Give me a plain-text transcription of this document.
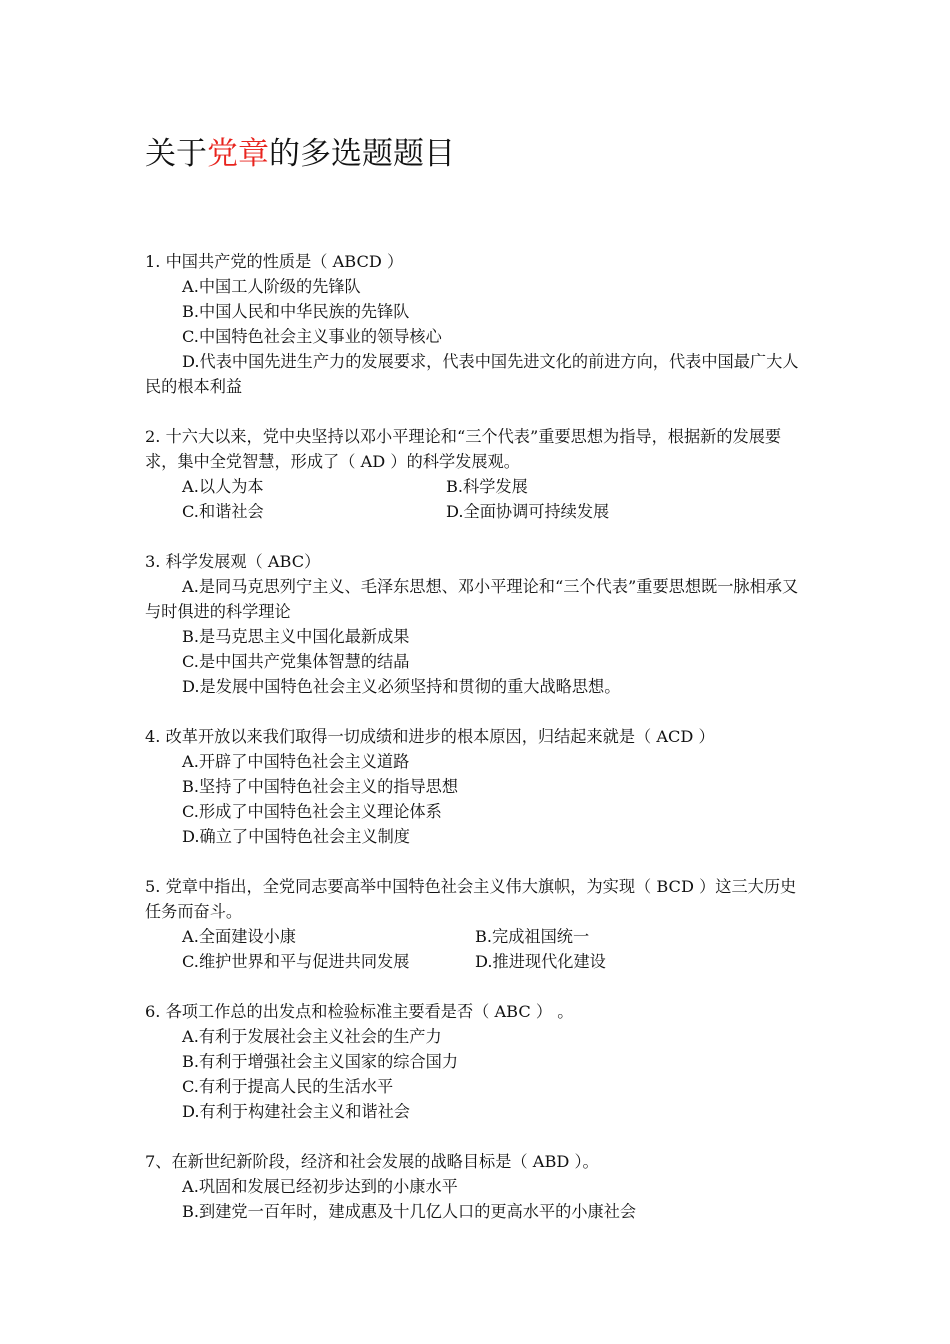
关于党章的多选题题目

1. 中国共产党的性质是（ ABCD ）

A.中国工人阶级的先锋队

B.中国人民和中华民族的先锋队

C.中国特色社会主义事业的领导核心

D.代表中国先进生产力的发展要求，代表中国先进文化的前进方向，代表中国最广大人民的根本利益

2. 十六大以来，党中央坚持以邓小平理论和“三个代表”重要思想为指导，根据新的发展要求，集中全党智慧，形成了（ AD ）的科学发展观。

A.以人为本	B.科学发展

C.和谐社会	D.全面协调可持续发展

3. 科学发展观（ ABC）

A.是同马克思列宁主义、毛泽东思想、邓小平理论和“三个代表”重要思想既一脉相承又与时俱进的科学理论

B.是马克思主义中国化最新成果

C.是中国共产党集体智慧的结晶

D.是发展中国特色社会主义必须坚持和贯彻的重大战略思想。

4. 改革开放以来我们取得一切成绩和进步的根本原因，归结起来就是（ ACD ）

A.开辟了中国特色社会主义道路

B.坚持了中国特色社会主义的指导思想

C.形成了中国特色社会主义理论体系

D.确立了中国特色社会主义制度

5. 党章中指出，全党同志要高举中国特色社会主义伟大旗帜，为实现（ BCD ）这三大历史任务而奋斗。

A.全面建设小康	B.完成祖国统一

C.维护世界和平与促进共同发展	D.推进现代化建设

6. 各项工作总的出发点和检验标准主要看是否（ ABC ） 。

A.有利于发展社会主义社会的生产力

B.有利于增强社会主义国家的综合国力

C.有利于提高人民的生活水平

D.有利于构建社会主义和谐社会

7、在新世纪新阶段，经济和社会发展的战略目标是（ ABD ）。

A.巩固和发展已经初步达到的小康水平

B.到建党一百年时，建成惠及十几亿人口的更高水平的小康社会
